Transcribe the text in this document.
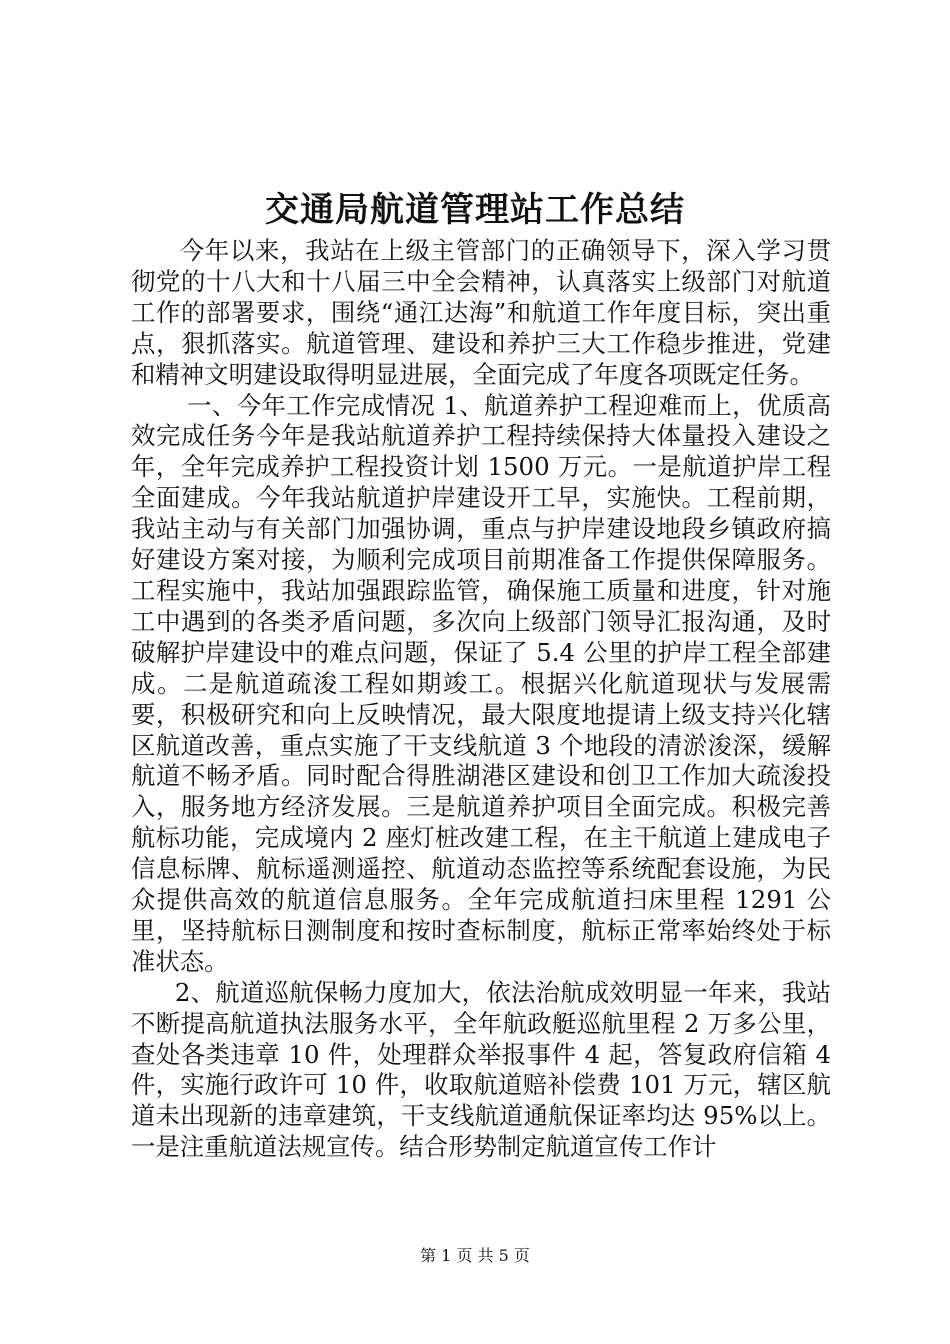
交通局航道管理站工作总结

今年以来，我站在上级主管部门的正确领导下，深入学习贯彻党的十八大和十八届三中全会精神，认真落实上级部门对航道工作的部署要求，围绕“通江达海”和航道工作年度目标，突出重点，狠抓落实。航道管理、建设和养护三大工作稳步推进，党建和精神文明建设取得明显进展，全面完成了年度各项既定任务。

一、今年工作完成情况 1、航道养护工程迎难而上，优质高效完成任务今年是我站航道养护工程持续保持大体量投入建设之年，全年完成养护工程投资计划 1500 万元。一是航道护岸工程全面建成。今年我站航道护岸建设开工早，实施快。工程前期，我站主动与有关部门加强协调，重点与护岸建设地段乡镇政府搞好建设方案对接，为顺利完成项目前期准备工作提供保障服务。工程实施中，我站加强跟踪监管，确保施工质量和进度，针对施工中遇到的各类矛盾问题，多次向上级部门领导汇报沟通，及时破解护岸建设中的难点问题，保证了 5.4 公里的护岸工程全部建成。二是航道疏浚工程如期竣工。根据兴化航道现状与发展需要，积极研究和向上反映情况，最大限度地提请上级支持兴化辖区航道改善，重点实施了干支线航道 3 个地段的清淤浚深，缓解航道不畅矛盾。同时配合得胜湖港区建设和创卫工作加大疏浚投入，服务地方经济发展。三是航道养护项目全面完成。积极完善航标功能，完成境内 2 座灯桩改建工程，在主干航道上建成电子信息标牌、航标遥测遥控、航道动态监控等系统配套设施，为民众提供高效的航道信息服务。全年完成航道扫床里程 1291 公里，坚持航标日测制度和按时查标制度，航标正常率始终处于标准状态。

2、航道巡航保畅力度加大，依法治航成效明显一年来，我站不断提高航道执法服务水平，全年航政艇巡航里程 2 万多公里，查处各类违章 10 件，处理群众举报事件 4 起，答复政府信箱 4 件，实施行政许可 10 件，收取航道赔补偿费 101 万元，辖区航道未出现新的违章建筑，干支线航道通航保证率均达 95%以上。一是注重航道法规宣传。结合形势制定航道宣传工作计

第 1 页 共 5 页
